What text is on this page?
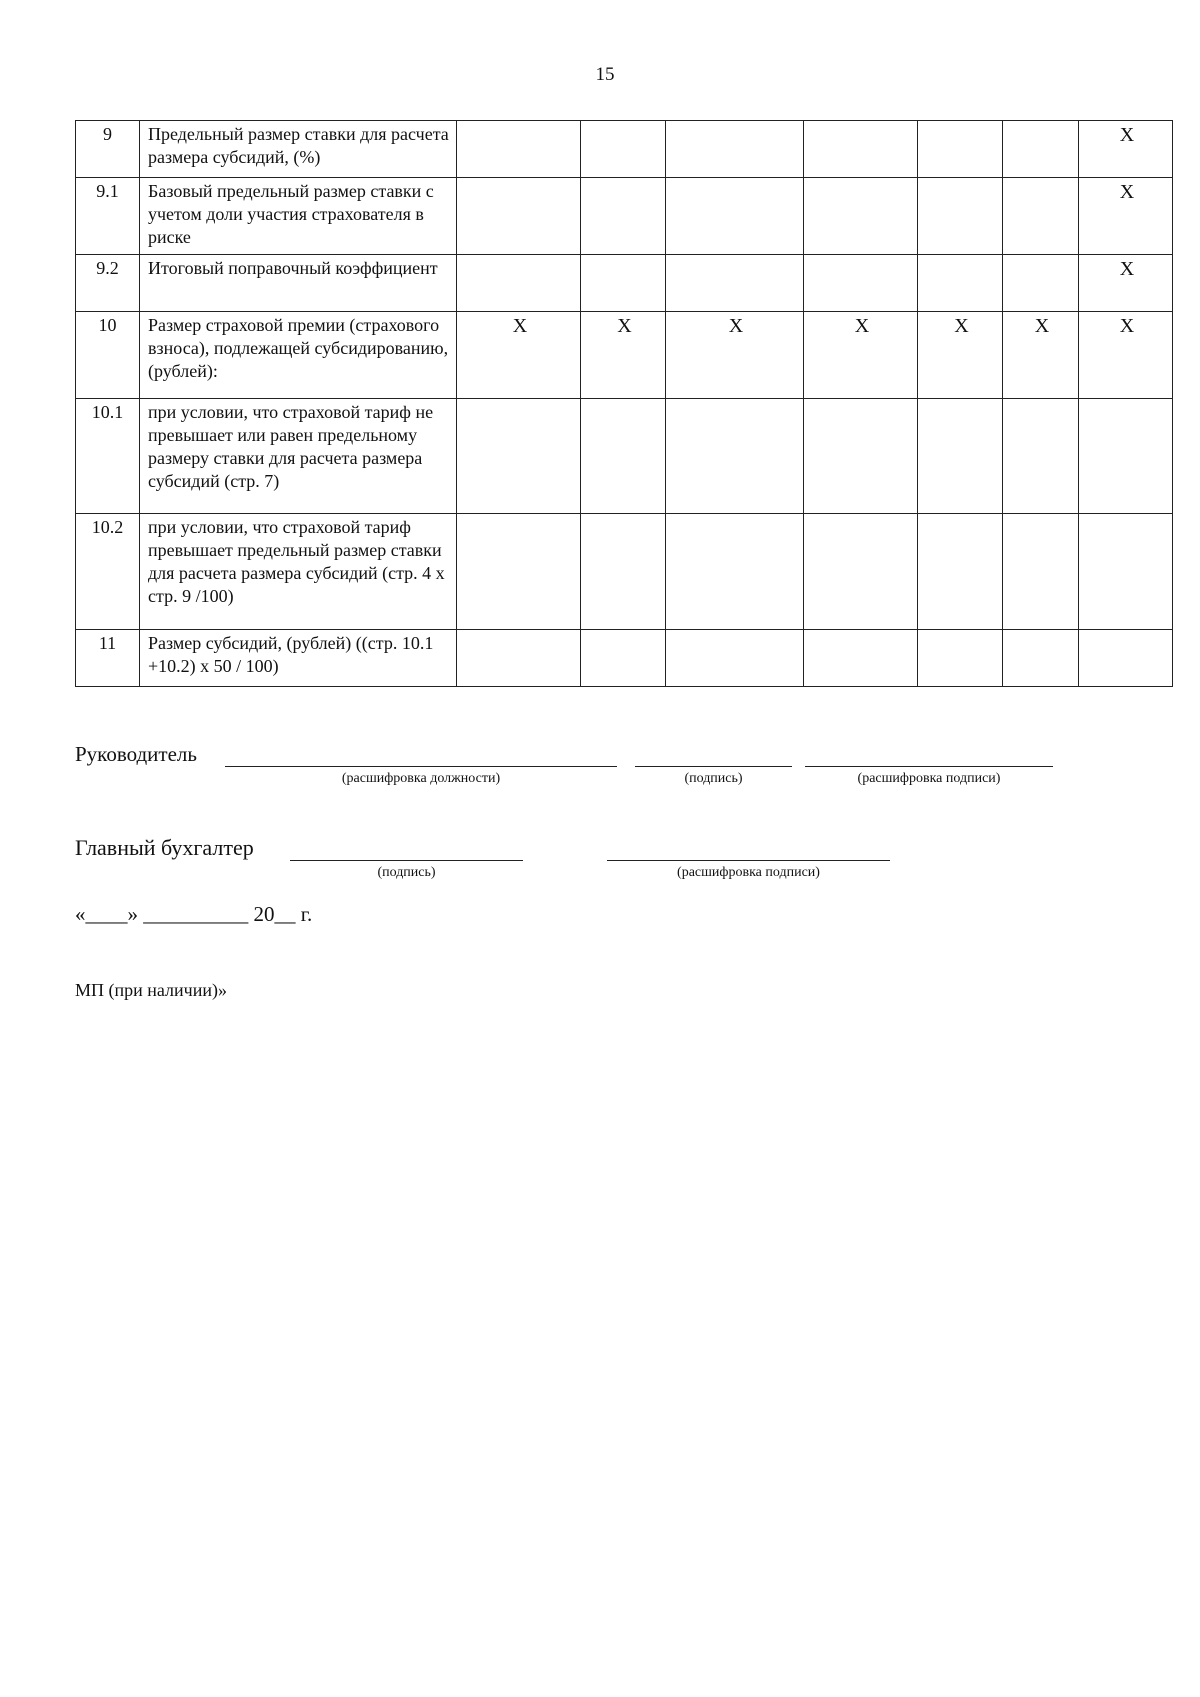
15
9	Предельный размер ставки для расчета размера субсидий, (%)							X
9.1	Базовый предельный размер ставки с учетом доли участия страхователя в риске							X
9.2	Итоговый поправочный коэффициент							X
10	Размер страховой премии (страхового взноса), подлежащей субсидированию,(рублей):	X	X	X	X	X	X	X
10.1	при условии, что страховой тариф не превышает или равен предельному размеру ставки для расчета размера субсидий (стр. 7)							
10.2	при условии, что страховой тариф превышает предельный размер ставки для расчета размера субсидий (стр. 4 х стр. 9 /100)							
11	Размер субсидий, (рублей) ((стр. 10.1 +10.2) х 50 / 100)							
Руководитель
(расшифровка должности)	(подпись)	(расшифровка подписи)
Главный бухгалтер
(подпись)	(расшифровка подписи)
«____» __________ 20__ г.
МП (при наличии)»
